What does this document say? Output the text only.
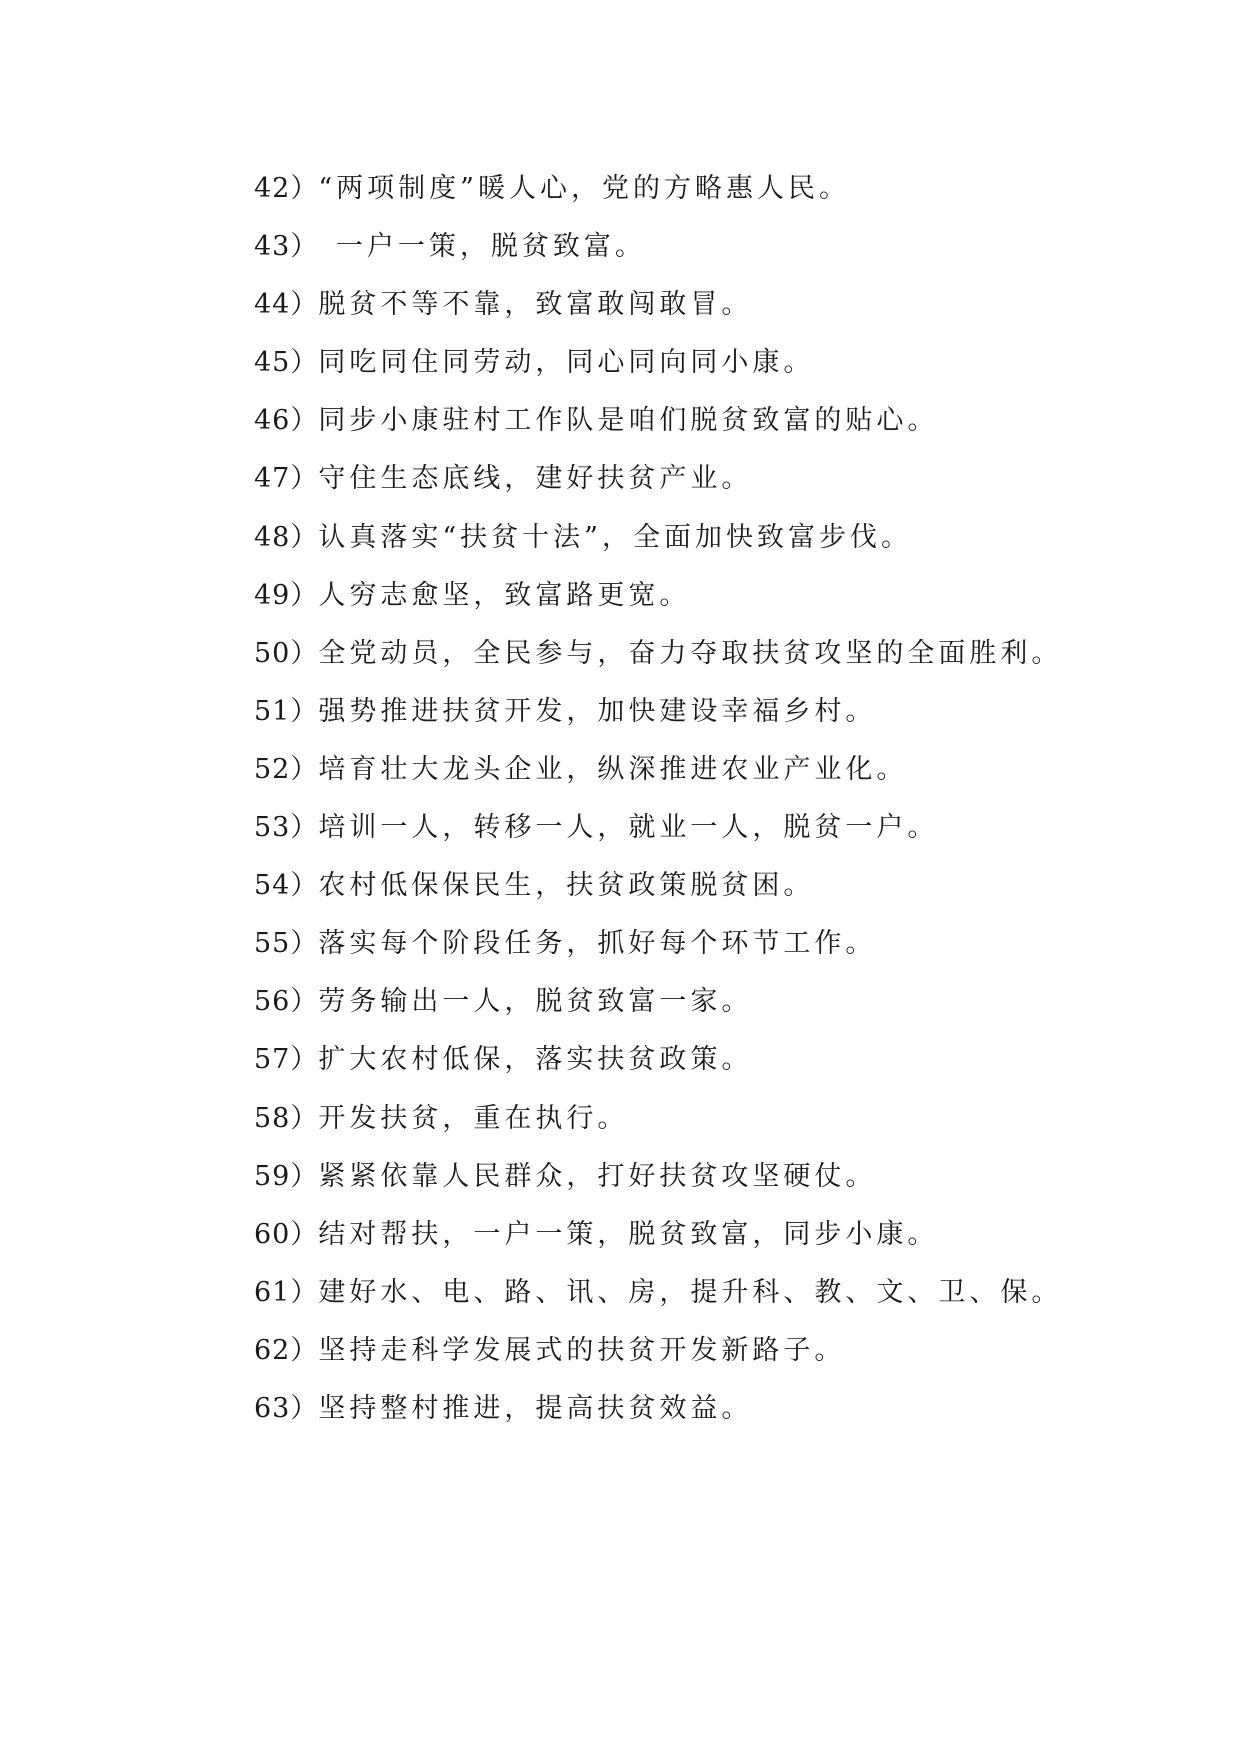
42）“两项制度”暖人心，党的方略惠人民。

43）　一户一策，脱贫致富。

44）脱贫不等不靠，致富敢闯敢冒。

45）同吃同住同劳动，同心同向同小康。

46）同步小康驻村工作队是咱们脱贫致富的贴心。

47）守住生态底线，建好扶贫产业。

48）认真落实“扶贫十法”，全面加快致富步伐。

49）人穷志愈坚，致富路更宽。

50）全党动员，全民参与，奋力夺取扶贫攻坚的全面胜利。

51）强势推进扶贫开发，加快建设幸福乡村。

52）培育壮大龙头企业，纵深推进农业产业化。

53）培训一人，转移一人，就业一人，脱贫一户。

54）农村低保保民生，扶贫政策脱贫困。

55）落实每个阶段任务，抓好每个环节工作。

56）劳务输出一人，脱贫致富一家。

57）扩大农村低保，落实扶贫政策。

58）开发扶贫，重在执行。

59）紧紧依靠人民群众，打好扶贫攻坚硬仗。

60）结对帮扶，一户一策，脱贫致富，同步小康。

61）建好水、电、路、讯、房，提升科、教、文、卫、保。

62）坚持走科学发展式的扶贫开发新路子。

63）坚持整村推进，提高扶贫效益。
